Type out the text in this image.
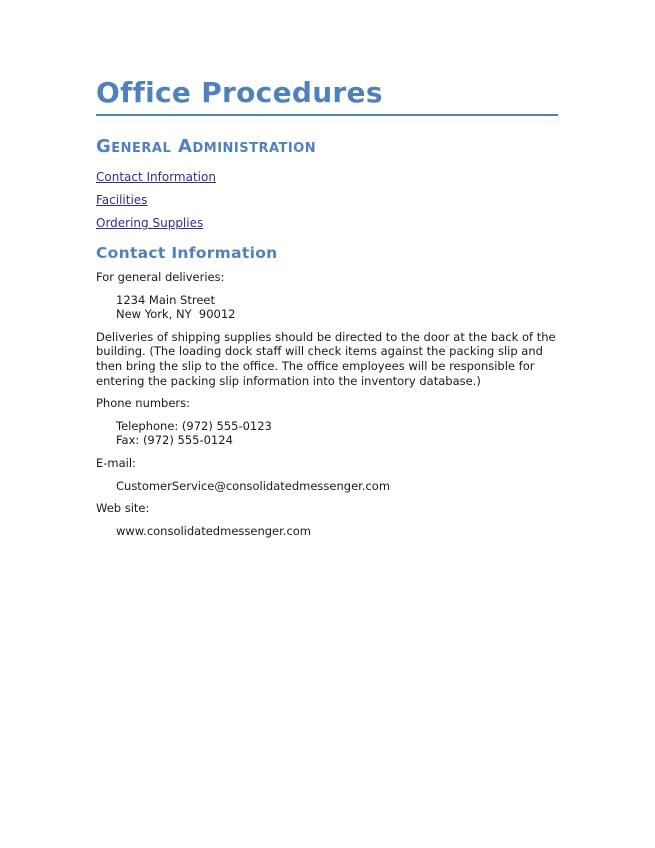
Office Procedures
General Administration
Contact Information
Facilities
Ordering Supplies
Contact Information

For general deliveries:

1234 Main Street
New York, NY  90012

Deliveries of shipping supplies should be directed to the door at the back of the building. (The loading dock staff will check items against the packing slip and then bring the slip to the office. The office employees will be responsible for entering the packing slip information into the inventory database.)

Phone numbers:

Telephone: (972) 555-0123
Fax: (972) 555-0124

E-mail:

CustomerService@consolidatedmessenger.com

Web site:

www.consolidatedmessenger.com
